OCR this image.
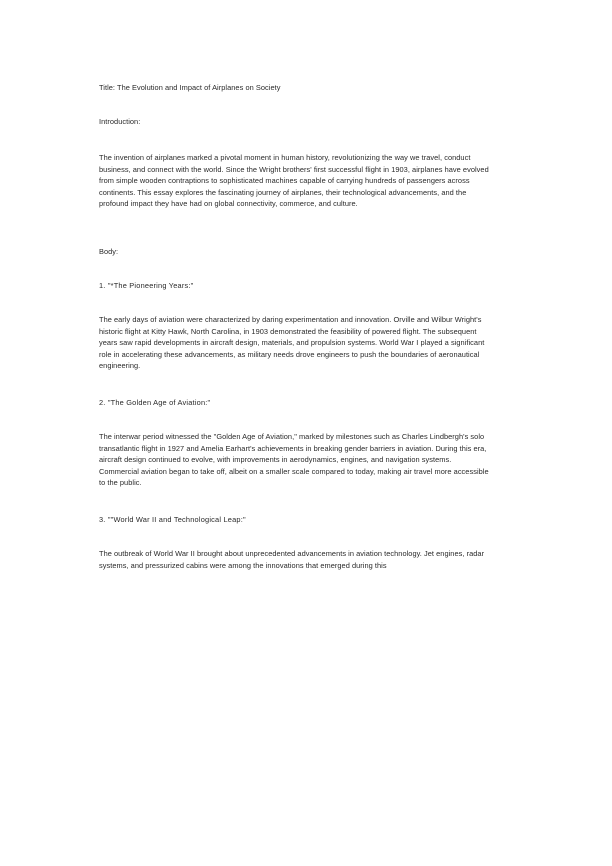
Title: The Evolution and Impact of Airplanes on Society

Introduction:

The invention of airplanes marked a pivotal moment in human history, revolutionizing the way we travel, conduct business, and connect with the world. Since the Wright brothers' first successful flight in 1903, airplanes have evolved from simple wooden contraptions to sophisticated machines capable of carrying hundreds of passengers across continents. This essay explores the fascinating journey of airplanes, their technological advancements, and the profound impact they have had on global connectivity, commerce, and culture.

Body:

1. "*The Pioneering Years:"

The early days of aviation were characterized by daring experimentation and innovation. Orville and Wilbur Wright's historic flight at Kitty Hawk, North Carolina, in 1903 demonstrated the feasibility of powered flight. The subsequent years saw rapid developments in aircraft design, materials, and propulsion systems. World War I played a significant role in accelerating these advancements, as military needs drove engineers to push the boundaries of aeronautical engineering.

2. "The Golden Age of Aviation:"

The interwar period witnessed the "Golden Age of Aviation," marked by milestones such as Charles Lindbergh's solo transatlantic flight in 1927 and Amelia Earhart's achievements in breaking gender barriers in aviation. During this era, aircraft design continued to evolve, with improvements in aerodynamics, engines, and navigation systems. Commercial aviation began to take off, albeit on a smaller scale compared to today, making air travel more accessible to the public.

3. ""World War II and Technological Leap:"

The outbreak of World War II brought about unprecedented advancements in aviation technology. Jet engines, radar systems, and pressurized cabins were among the innovations that emerged during this
